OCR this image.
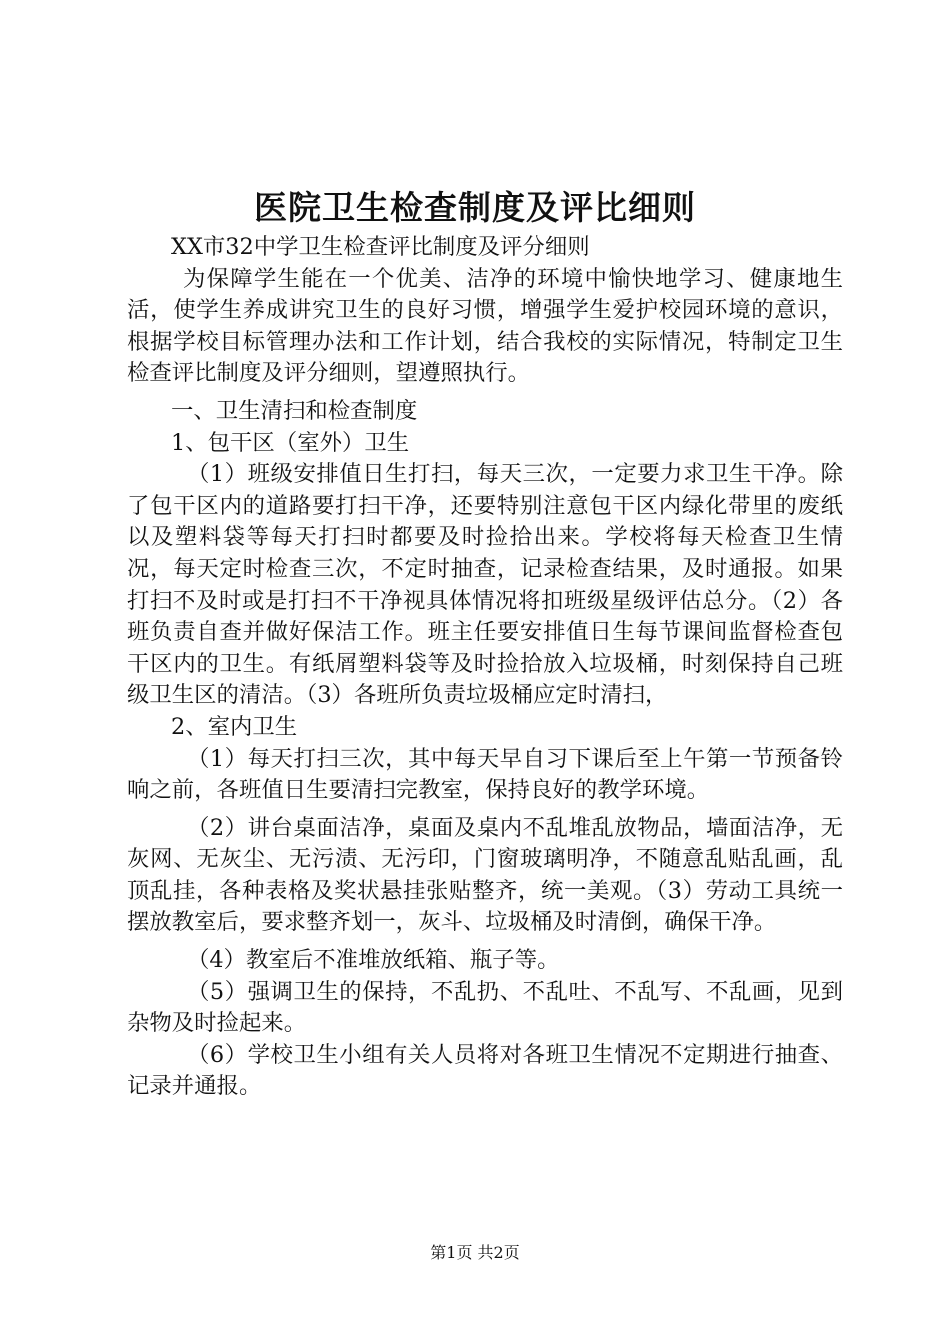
医院卫生检查制度及评比细则

XX市32中学卫生检查评比制度及评分细则

为保障学生能在一个优美、洁净的环境中愉快地学习、健康地生活，使学生养成讲究卫生的良好习惯，增强学生爱护校园环境的意识，根据学校目标管理办法和工作计划，结合我校的实际情况，特制定卫生检查评比制度及评分细则，望遵照执行。

一、卫生清扫和检查制度

1、包干区（室外）卫生

（1）班级安排值日生打扫，每天三次，一定要力求卫生干净。除了包干区内的道路要打扫干净，还要特别注意包干区内绿化带里的废纸以及塑料袋等每天打扫时都要及时捡拾出来。学校将每天检查卫生情况，每天定时检查三次，不定时抽查，记录检查结果，及时通报。如果打扫不及时或是打扫不干净视具体情况将扣班级星级评估总分。（2）各班负责自查并做好保洁工作。班主任要安排值日生每节课间监督检查包干区内的卫生。有纸屑塑料袋等及时捡拾放入垃圾桶，时刻保持自己班级卫生区的清洁。（3）各班所负责垃圾桶应定时清扫，

2、室内卫生

（1）每天打扫三次，其中每天早自习下课后至上午第一节预备铃响之前，各班值日生要清扫完教室，保持良好的教学环境。

（2）讲台桌面洁净，桌面及桌内不乱堆乱放物品，墙面洁净，无灰网、无灰尘、无污渍、无污印，门窗玻璃明净，不随意乱贴乱画，乱顶乱挂，各种表格及奖状悬挂张贴整齐，统一美观。（3）劳动工具统一摆放教室后，要求整齐划一，灰斗、垃圾桶及时清倒，确保干净。

（4）教室后不准堆放纸箱、瓶子等。

（5）强调卫生的保持，不乱扔、不乱吐、不乱写、不乱画，见到杂物及时捡起来。

（6）学校卫生小组有关人员将对各班卫生情况不定期进行抽查、记录并通报。

第1页 共2页
